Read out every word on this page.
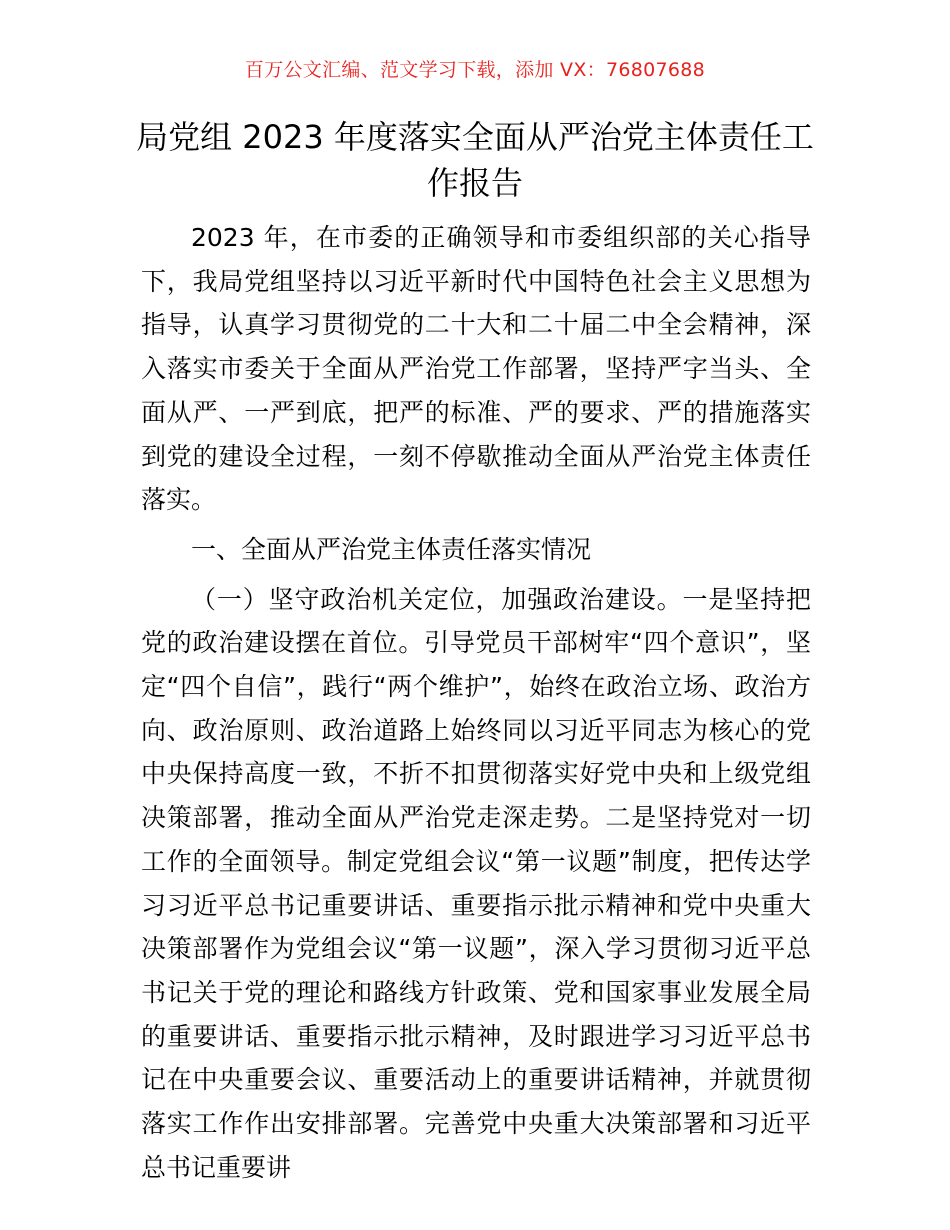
百万公文汇编、范文学习下载，添加 VX：76807688
局党组 2023 年度落实全面从严治党主体责任工作报告

2023 年，在市委的正确领导和市委组织部的关心指导下，我局党组坚持以习近平新时代中国特色社会主义思想为指导，认真学习贯彻党的二十大和二十届二中全会精神，深入落实市委关于全面从严治党工作部署，坚持严字当头、全面从严、一严到底，把严的标准、严的要求、严的措施落实到党的建设全过程，一刻不停歇推动全面从严治党主体责任落实。

一、全面从严治党主体责任落实情况

（一）坚守政治机关定位，加强政治建设。一是坚持把党的政治建设摆在首位。引导党员干部树牢“四个意识”，坚定“四个自信”，践行“两个维护”，始终在政治立场、政治方向、政治原则、政治道路上始终同以习近平同志为核心的党中央保持高度一致，不折不扣贯彻落实好党中央和上级党组决策部署，推动全面从严治党走深走势。二是坚持党对一切工作的全面领导。制定党组会议“第一议题”制度，把传达学习习近平总书记重要讲话、重要指示批示精神和党中央重大决策部署作为党组会议“第一议题”，深入学习贯彻习近平总书记关于党的理论和路线方针政策、党和国家事业发展全局的重要讲话、重要指示批示精神，及时跟进学习习近平总书记在中央重要会议、重要活动上的重要讲话精神，并就贯彻落实工作作出安排部署。完善党中央重大决策部署和习近平总书记重要讲
